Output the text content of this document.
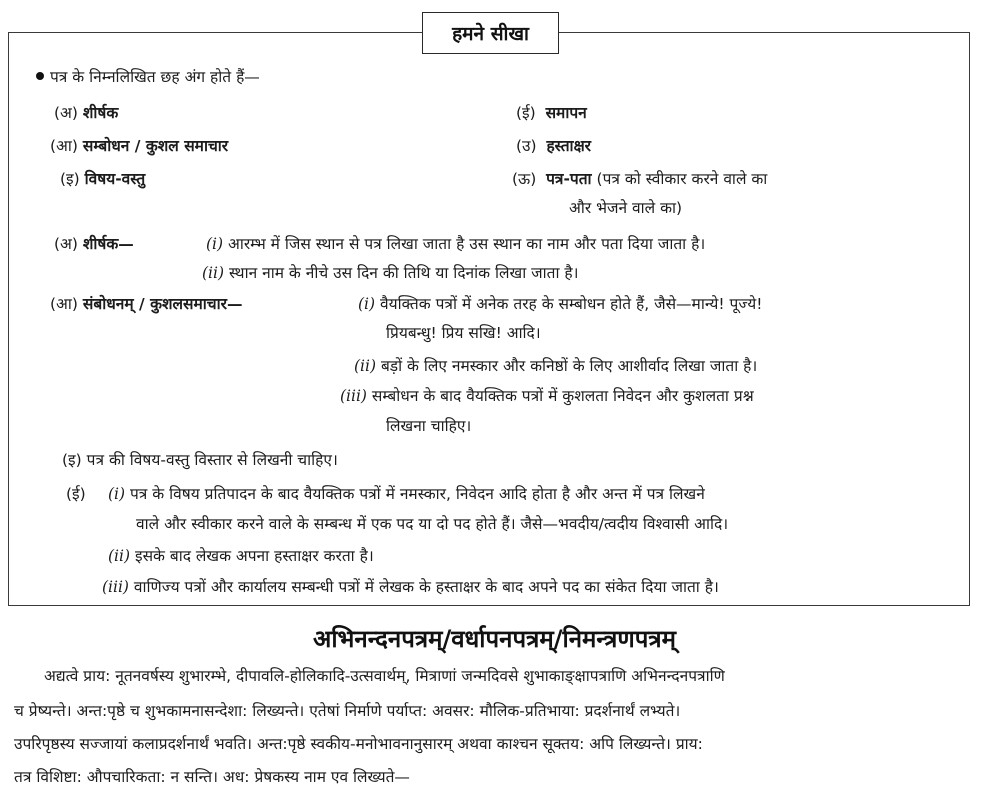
हमने सीखा
पत्र के निम्नलिखित छह अंग होते हैं—
(अ) शीर्षक
(आ) सम्बोधन / कुशल समाचार
(इ) विषय-वस्तु
(ई) समापन
(उ) हस्ताक्षर
(ऊ) पत्र-पता (पत्र को स्वीकार करने वाले का
और भेजने वाले का)
(अ) शीर्षक—	(i) आरम्भ में जिस स्थान से पत्र लिखा जाता है उस स्थान का नाम और पता दिया जाता है।
(ii) स्थान नाम के नीचे उस दिन की तिथि या दिनांक लिखा जाता है।
(आ) संबोधनम् / कुशलसमाचार—	(i) वैयक्तिक पत्रों में अनेक तरह के सम्बोधन होते हैं, जैसे—मान्ये! पूज्ये!
प्रियबन्धु! प्रिय सखि! आदि।
(ii) बड़ों के लिए नमस्कार और कनिष्ठों के लिए आशीर्वाद लिखा जाता है।
(iii) सम्बोधन के बाद वैयक्तिक पत्रों में कुशलता निवेदन और कुशलता प्रश्न
लिखना चाहिए।
(इ) पत्र की विषय-वस्तु विस्तार से लिखनी चाहिए।
(ई) (i) पत्र के विषय प्रतिपादन के बाद वैयक्तिक पत्रों में नमस्कार, निवेदन आदि होता है और अन्त में पत्र लिखने
वाले और स्वीकार करने वाले के सम्बन्ध में एक पद या दो पद होते हैं। जैसे—भवदीय/त्वदीय विश्वासी आदि।
(ii) इसके बाद लेखक अपना हस्ताक्षर करता है।
(iii) वाणिज्य पत्रों और कार्यालय सम्बन्धी पत्रों में लेखक के हस्ताक्षर के बाद अपने पद का संकेत दिया जाता है।
अभिनन्दनपत्रम्/वर्धापनपत्रम्/निमन्त्रणपत्रम्
अद्यत्वे प्राय: नूतनवर्षस्य शुभारम्भे, दीपावलि-होलिकादि-उत्सवार्थम्, मित्राणां जन्मदिवसे शुभाकाङ्क्षापत्राणि अभिनन्दनपत्राणि
च प्रेष्यन्ते। अन्त:पृष्ठे च शुभकामनासन्देशा: लिख्यन्ते। एतेषां निर्माणे पर्याप्त: अवसर: मौलिक-प्रतिभाया: प्रदर्शनार्थं लभ्यते।
उपरिपृष्ठस्य सज्जायां कलाप्रदर्शनार्थं भवति। अन्त:पृष्ठे स्वकीय-मनोभावनानुसारम् अथवा काश्चन सूक्तय: अपि लिख्यन्ते। प्राय:
तत्र विशिष्टा: औपचारिकता: न सन्ति। अध: प्रेषकस्य नाम एव लिख्यते—
